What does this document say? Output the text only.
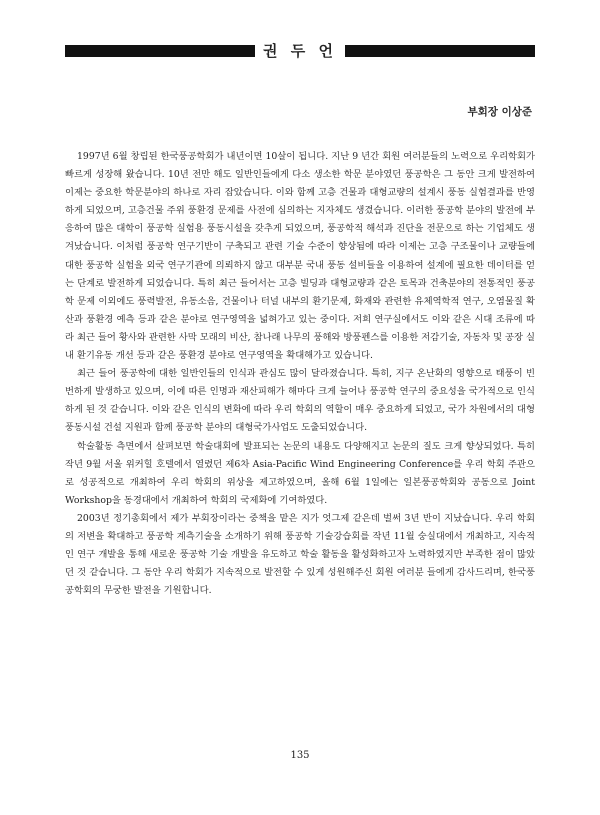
권 두 언
부회장 이상준

1997년 6월 창립된 한국풍공학회가 내년이면 10살이 됩니다. 지난 9 년간 회원 여러분들의 노력으로 우리학회가 빠르게 성장해 왔습니다. 10년 전만 해도 일반인들에게 다소 생소한 학문 분야였던 풍공학은 그 동안 크게 발전하여 이제는 중요한 학문분야의 하나로 자리 잡았습니다. 이와 함께 고층 건물과 대형교량의 설계시 풍동 실험결과를 반영하게 되었으며, 고층건물 주위 풍환경 문제를 사전에 심의하는 지자체도 생겼습니다. 이러한 풍공학 분야의 발전에 부응하여 많은 대학이 풍공학 실험용 풍동시설을 갖추게 되었으며, 풍공학적 해석과 진단을 전문으로 하는 기업체도 생겨났습니다. 이처럼 풍공학 연구기반이 구축되고 관련 기술 수준이 향상됨에 따라 이제는 고층 구조물이나 교량들에 대한 풍공학 실험을 외국 연구기관에 의뢰하지 않고 대부분 국내 풍동 설비들을 이용하여 설계에 필요한 데이터를 얻는 단계로 발전하게 되었습니다. 특히 최근 들어서는 고층 빌딩과 대형교량과 같은 토목과 건축분야의 전통적인 풍공학 문제 이외에도 풍력발전, 유동소음, 건물이나 터널 내부의 환기문제, 화재와 관련한 유체역학적 연구, 오염물질 확산과 풍환경 예측 등과 같은 분야로 연구영역을 넓혀가고 있는 중이다. 저희 연구실에서도 이와 같은 시대 조류에 따라 최근 들어 황사와 관련한 사막 모래의 비산, 참나래 나무의 풍해와 방풍펜스를 이용한 저감기술, 자동차 및 공장 실내 환기유동 개선 등과 같은 풍환경 분야로 연구영역을 확대해가고 있습니다.

최근 들어 풍공학에 대한 일반인들의 인식과 관심도 많이 달라졌습니다. 특히, 지구 온난화의 영향으로 태풍이 빈번하게 발생하고 있으며, 이에 따른 인명과 재산피해가 해마다 크게 늘어나 풍공학 연구의 중요성을 국가적으로 인식하게 된 것 같습니다. 이와 같은 인식의 변화에 따라 우리 학회의 역할이 매우 중요하게 되었고, 국가 차원에서의 대형 풍동시설 건설 지원과 함께 풍공학 분야의 대형국가사업도 도출되었습니다.

학술활동 측면에서 살펴보면 학술대회에 발표되는 논문의 내용도 다양해지고 논문의 질도 크게 향상되었다. 특히 작년 9월 서울 위커힐 호텔에서 열렸던 제6차 Asia-Pacific Wind Engineering Conference를 우리 학회 주관으로 성공적으로 개최하여 우리 학회의 위상을 제고하였으며, 올해 6월 1일에는 일본풍공학회와 공동으로 Joint Workshop을 동경대에서 개최하여 학회의 국제화에 기여하였다.

2003년 정기총회에서 제가 부회장이라는 중책을 맡은 지가 엇그제 같은데 벌써 3년 반이 지났습니다. 우리 학회의 저변을 확대하고 풍공학 계측기술을 소개하기 위해 풍공학 기술강습회를 작년 11월 숭실대에서 개최하고, 지속적인 연구 개발을 통해 새로운 풍공학 기술 개발을 유도하고 학술 활동을 활성화하고자 노력하였지만 부족한 점이 많았던 것 같습니다. 그 동안 우리 학회가 지속적으로 발전할 수 있게 성원해주신 회원 여러분 들에게 감사드리며, 한국풍공학회의 무궁한 발전을 기원합니다.

135
